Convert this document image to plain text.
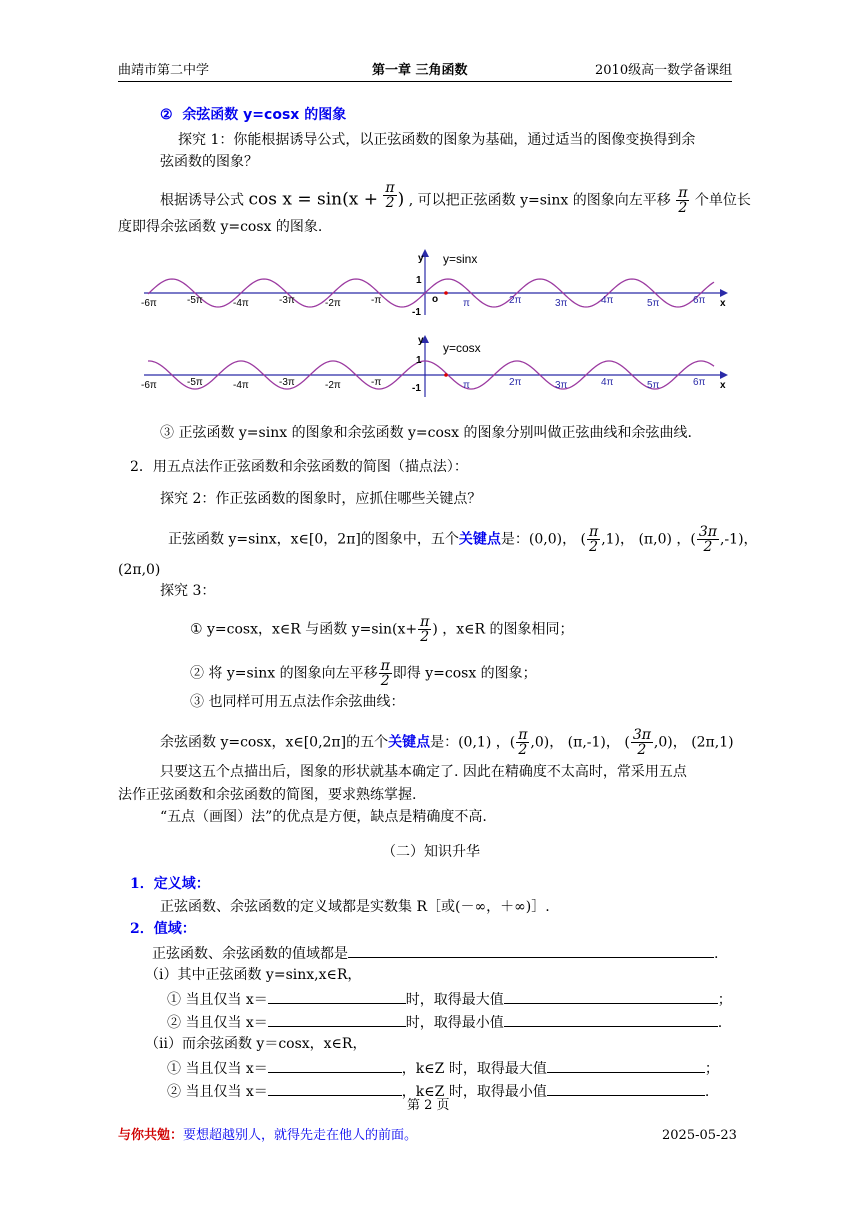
曲靖市第二中学	第一章 三角函数	2010级高一数学备课组
② 余弦函数 y=cosx 的图象
探究 1：你能根据诱导公式，以正弦函数的图象为基础，通过适当的图像变换得到余
弦函数的图象？
根据诱导公式 $\cos x = \sin(x + \frac{\pi}{2}$ ) , 可以把正弦函数 y=sinx 的图象向左平移 $\frac{\pi}{2}$ 个单位长
度即得余弦函数 y=cosx 的图象.
y y=sinx
x
o
1
-1
-6π	-5π	-4π	-3π	-2π	-π	π	2π	3π	4π	5π	6π
y
y=cosx
x
1
-1
-6π	-5π	-4π	-3π	-2π	-π	π	2π	3π	4π	5π	6π
③ 正弦函数 y=sinx 的图象和余弦函数 y=cosx 的图象分别叫做正弦曲线和余弦曲线.
2．用五点法作正弦函数和余弦函数的简图（描点法）：
探究 2：作正弦函数的图象时，应抓住哪些关键点？
正弦函数 y=sinx，x∈[0，2π]的图象中，五个关键点是：(0,0)， ( $\frac{\pi}{2} ,1$)， (π,0) ，( $\frac{3\pi}{2} ,-1$)，
(2π,0)
探究 3：
① y=cosx，x∈R 与函数 $y=\sin(x+ \frac{\pi}{2}$ ) ，x∈R 的图象相同；
② 将 y=sinx 的图象向左平移 $\frac{\pi}{2}$ 即得 y=cosx 的图象；
③ 也同样可用五点法作余弦曲线：
余弦函数 y=cosx，x∈[0,2π]的五个关键点是：(0,1) ，( $\frac{\pi}{2} ,0$)， (π,-1)， ( $\frac{3\pi}{2} ,0$)， (2π,1)
只要这五个点描出后，图象的形状就基本确定了. 因此在精确度不太高时，常采用五点
法作正弦函数和余弦函数的简图，要求熟练掌握.
“五点（画图）法”的优点是方便，缺点是精确度不高.
（二）知识升华
1．定义域：
正弦函数、余弦函数的定义域都是实数集 R［或(－∞，＋∞)］.
2．值域：
正弦函数、余弦函数的值域都是	.
（ⅰ）其中正弦函数 y=sinx,x∈R，
① 当且仅当 x＝	时，取得最大值	；
② 当且仅当 x＝	时，取得最小值	.
（ⅱ）而余弦函数 y＝cosx，x∈R，
① 当且仅当 x＝	，k∈Z 时，取得最大值	；
② 当且仅当 x＝	，k∈Z 时，取得最小值	.
第 2 页
与你共勉：要想超越别人，就得先走在他人的前面。	2025-05-23
